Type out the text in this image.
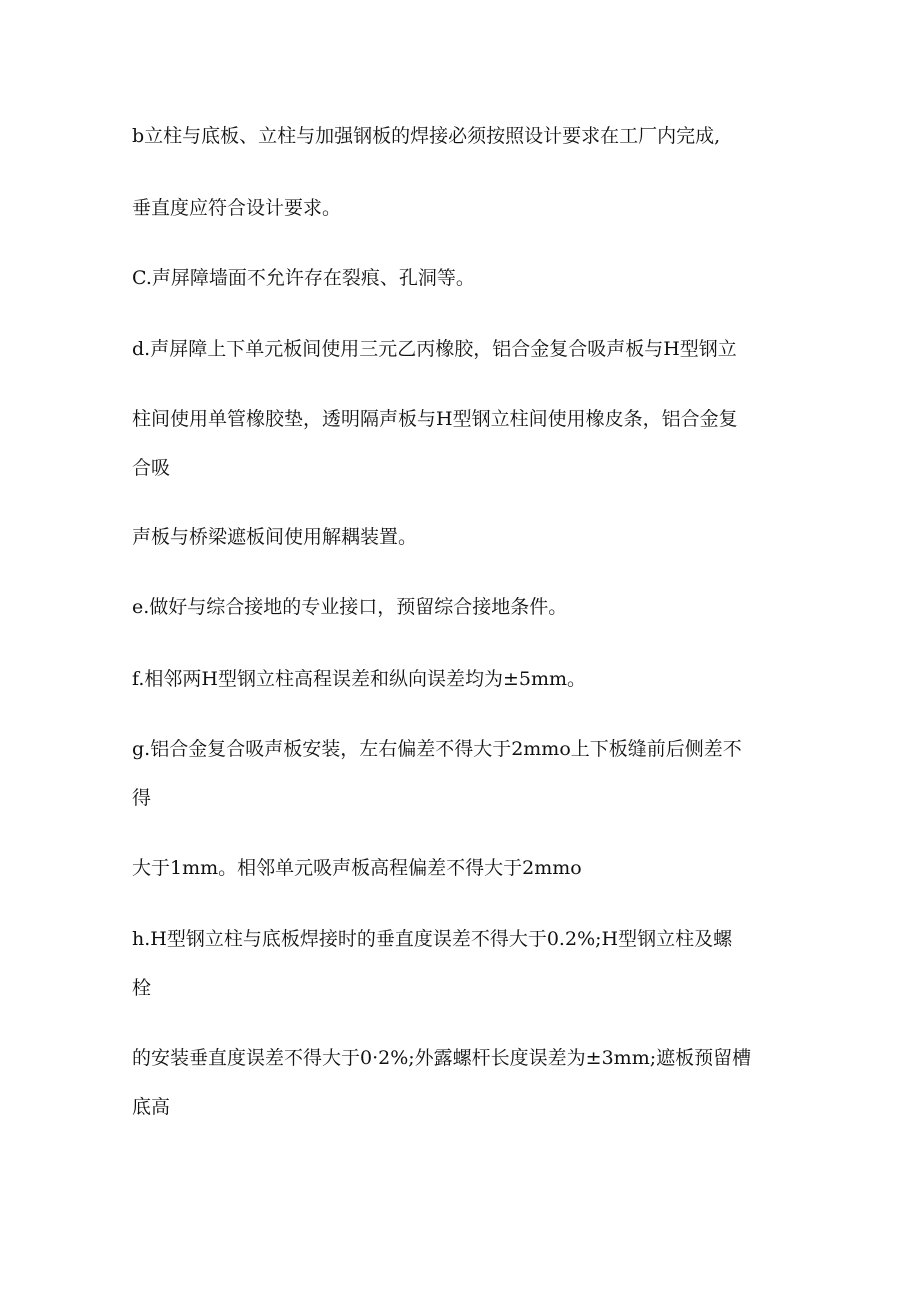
b立柱与底板、立柱与加强钢板的焊接必须按照设计要求在工厂内完成,

垂直度应符合设计要求。

C.声屏障墙面不允许存在裂痕、孔洞等。

d.声屏障上下单元板间使用三元乙丙橡胶，铝合金复合吸声板与H型钢立

柱间使用单管橡胶垫，透明隔声板与H型钢立柱间使用橡皮条，铝合金复

合吸

声板与桥梁遮板间使用解耦装置。

e.做好与综合接地的专业接口，预留综合接地条件。

f.相邻两H型钢立柱高程误差和纵向误差均为±5mm。

g.铝合金复合吸声板安装，左右偏差不得大于2mmo上下板缝前后侧差不

得

大于1mm。相邻单元吸声板高程偏差不得大于2mmo

h.H型钢立柱与底板焊接时的垂直度误差不得大于0.2%;H型钢立柱及螺

栓

的安装垂直度误差不得大于0·2%;外露螺杆长度误差为±3mm;遮板预留槽

底高
